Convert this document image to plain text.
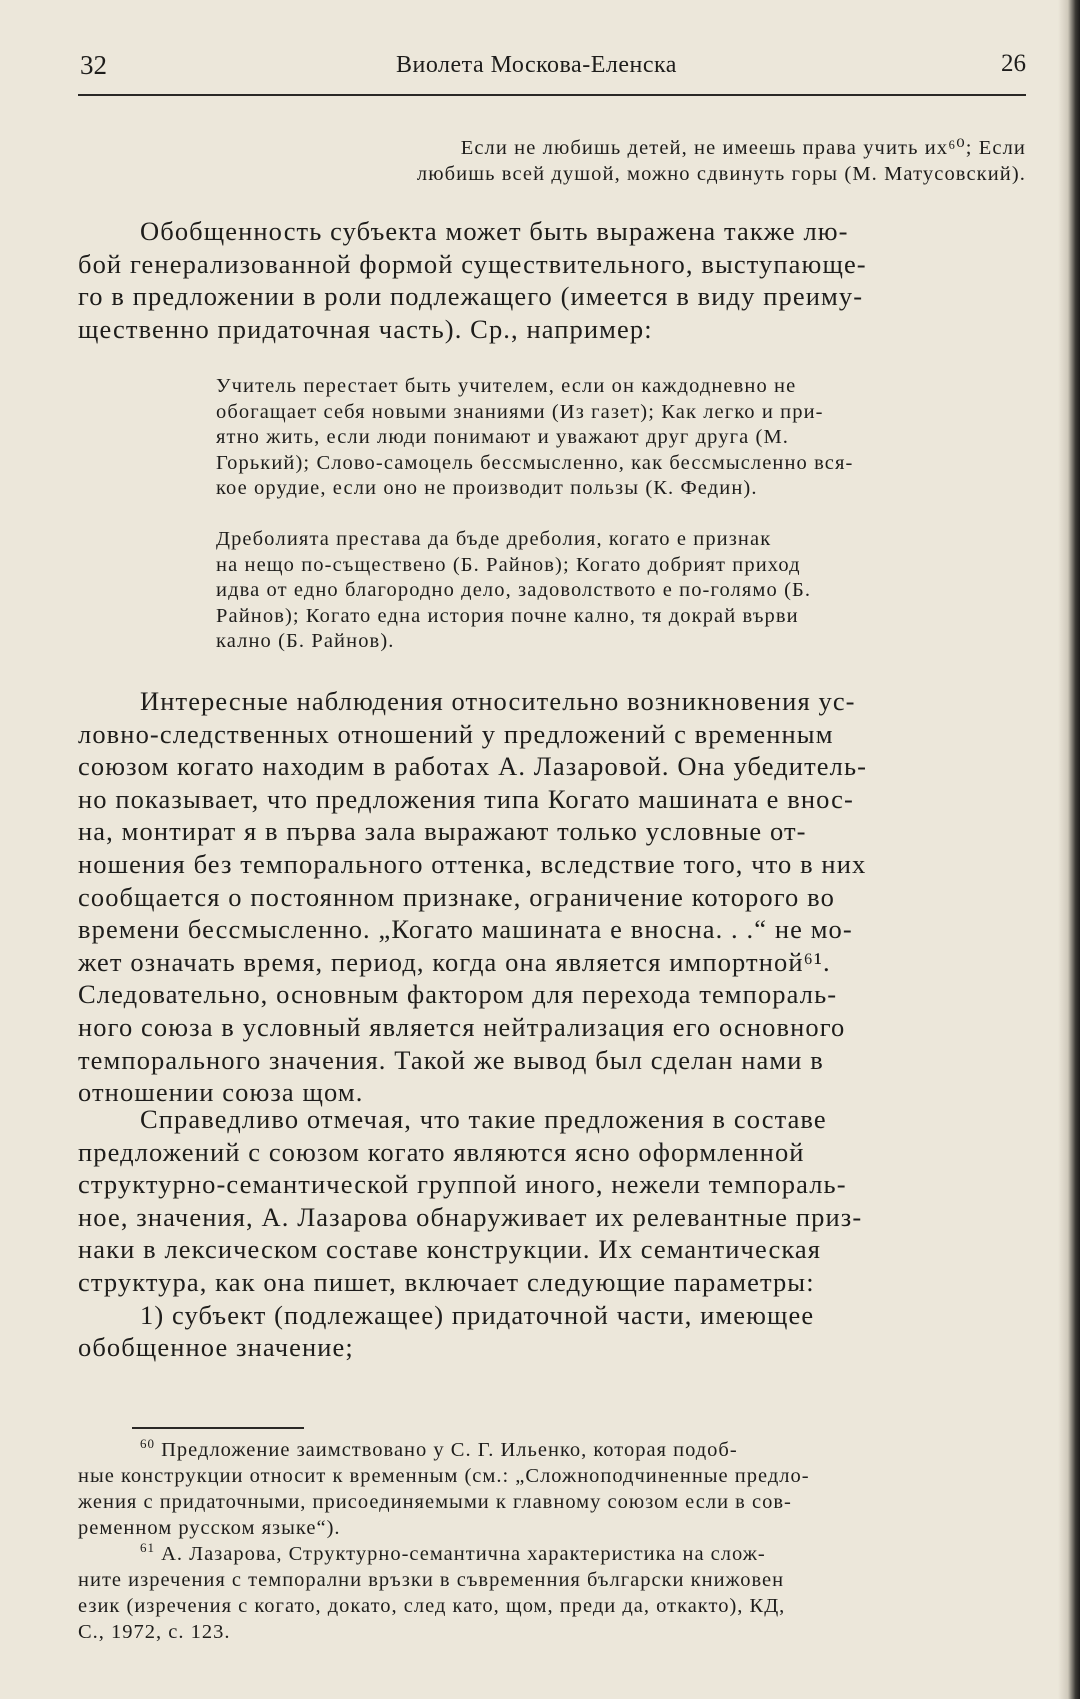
32	Виолета Москова-Еленска	26
Если не любишь детей, не имеешь права учить их⁶⁰; Если
любишь всей душой, можно сдвинуть горы (М. Матусовский).
Обобщенность субъекта может быть выражена также лю-
бой генерализованной формой существительного, выступающе-
го в предложении в роли подлежащего (имеется в виду преиму-
щественно придаточная часть). Ср., например:
Учитель перестает быть учителем, если он каждодневно не
обогащает себя новыми знаниями (Из газет); Как легко и при-
ятно жить, если люди понимают и уважают друг друга (М.
Горький); Слово-самоцель бессмысленно, как бессмысленно вся-
кое орудие, если оно не производит пользы (К. Федин).
Дребoлията престава да бъде дребoлия, когато е признак
на нещо по-съществено (Б. Райнов); Когато добрият приход
идва от едно благородно дело, задоволството е по-голямо (Б.
Райнов); Когато една история почне кално, тя докрай върви
кално (Б. Райнов).
Интересные наблюдения относительно возникновения ус-
ловно-следственных отношений у предложений с временным
союзом когато находим в работах А. Лазаровой. Она убедитель-
но показывает, что предложения типа Когато машината е внос-
на, монтират я в първа зала выражают только условные от-
ношения без темпорального оттенка, вследствие того, что в них
сообщается о постоянном признаке, ограничение которого во
времени бессмысленно. „Когато машината е вносна. . .“ не мо-
жет означать время, период, когда она является импортной⁶¹.
Следовательно, основным фактором для перехода темпораль-
ного союза в условный является нейтрализация его основного
темпорального значения. Такой же вывод был сделан нами в
отношении союза щом.
Справедливо отмечая, что такие предложения в составе
предложений с союзом когато являются ясно оформленной
структурно-семантической группой иного, нежели темпораль-
ное, значения, А. Лазарова обнаруживает их релевантные приз-
наки в лексическом составе конструкции. Их семантическая
структура, как она пишет, включает следующие параметры:
1) субъект (подлежащее) придаточной части, имеющее
обобщенное значение;
$^{60}$ Предложение заимствовано у С. Г. Ильенко, которая подоб-
ные конструкции относит к временным (см.: „Сложноподчиненные предло-
жения с придаточными, присоединяемыми к главному союзом если в сов-
ременном русском языке“).
$^{61}$ А. Лазарова, Структурно-семантична характеристика на слож-
ните изречения с темпорални връзки в съвременния български книжовен
език (изречения с когато, докато, след като, щом, преди да, откакто), КД,
С., 1972, с. 123.
